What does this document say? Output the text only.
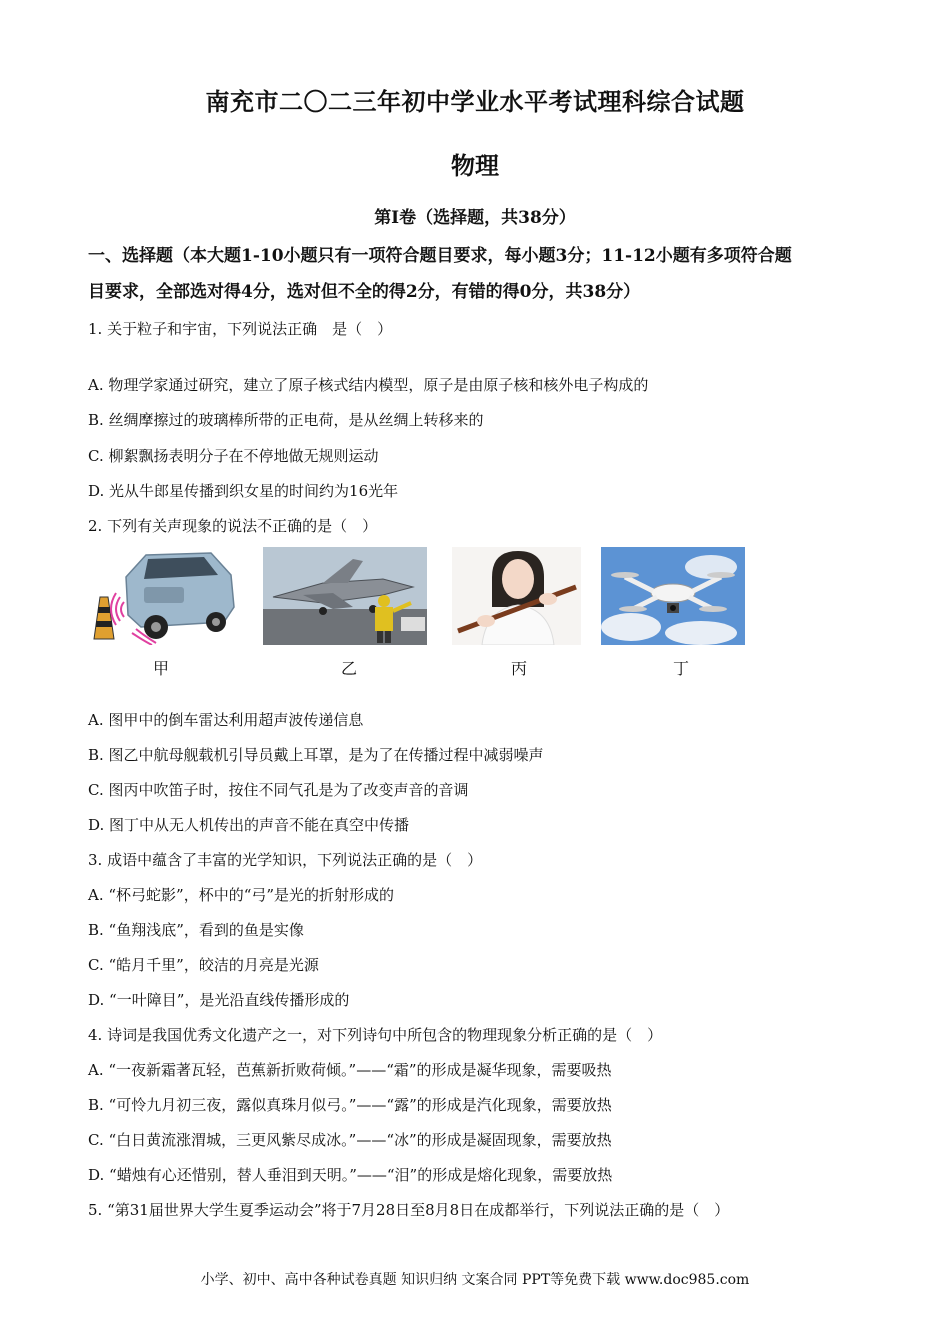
南充市二〇二三年初中学业水平考试理科综合试题
物理
第I卷（选择题，共38分）
一、选择题（本大题1-10小题只有一项符合题目要求，每小题3分；11-12小题有多项符合题
目要求，全部选对得4分，选对但不全的得2分，有错的得0分，共38分）
1. 关于粒子和宇宙，下列说法正确　是（　）
A. 物理学家通过研究，建立了原子核式结内模型，原子是由原子核和核外电子构成的
B. 丝绸摩擦过的玻璃棒所带的正电荷，是从丝绸上转移来的
C. 柳絮飘扬表明分子在不停地做无规则运动
D. 光从牛郎星传播到织女星的时间约为16光年
2. 下列有关声现象的说法不正确的是（　）
甲	乙	丙	丁
A. 图甲中的倒车雷达利用超声波传递信息
B. 图乙中航母舰载机引导员戴上耳罩，是为了在传播过程中减弱噪声
C. 图丙中吹笛子时，按住不同气孔是为了改变声音的音调
D. 图丁中从无人机传出的声音不能在真空中传播
3. 成语中蕴含了丰富的光学知识，下列说法正确的是（　）
A. “杯弓蛇影”，杯中的“弓”是光的折射形成的
B. “鱼翔浅底”，看到的鱼是实像
C. “皓月千里”，皎洁的月亮是光源
D. “一叶障目”，是光沿直线传播形成的
4. 诗词是我国优秀文化遗产之一，对下列诗句中所包含的物理现象分析正确的是（　）
A. “一夜新霜著瓦轻，芭蕉新折败荷倾。”——“霜”的形成是凝华现象，需要吸热
B. “可怜九月初三夜，露似真珠月似弓。”——“露”的形成是汽化现象，需要放热
C. “白日黄流涨渭城，三更风紫尽成冰。”——“冰”的形成是凝固现象，需要放热
D. “蜡烛有心还惜别，替人垂泪到天明。”——“泪”的形成是熔化现象，需要放热
5. “第31届世界大学生夏季运动会”将于7月28日至8月8日在成都举行，下列说法正确的是（　）
小学、初中、高中各种试卷真题 知识归纳 文案合同 PPT等免费下载 www.doc985.com
